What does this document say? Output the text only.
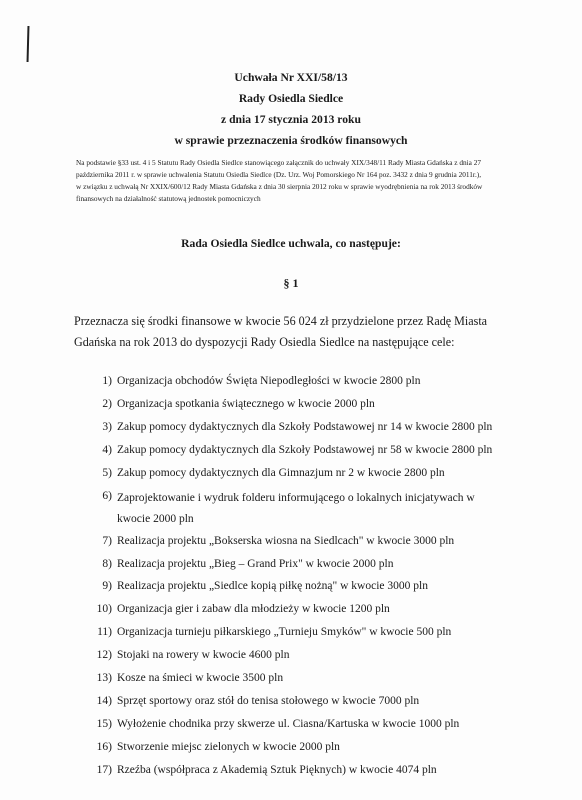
Uchwała Nr XXI/58/13
Rady Osiedla Siedlce
z dnia 17 stycznia 2013 roku
w sprawie przeznaczenia środków finansowych
Na podstawie §33 ust. 4 i 5 Statutu Rady Osiedla Siedlce stanowiącego załącznik do uchwały XIX/348/11 Rady Miasta Gdańska z dnia 27
października 2011 r. w sprawie uchwalenia Statutu Osiedla Siedlce (Dz. Urz. Woj Pomorskiego Nr 164 poz. 3432 z dnia 9 grudnia 2011r.),
w związku z uchwałą Nr XXIX/600/12 Rady Miasta Gdańska z dnia 30 sierpnia 2012 roku w sprawie wyodrębnienia na rok 2013 środków
finansowych na działalność statutową jednostek pomocniczych
Rada Osiedla Siedlce uchwala, co następuje:
§ 1
Przeznacza się środki finansowe w kwocie 56 024 zł przydzielone przez Radę Miasta
Gdańska na rok 2013 do dyspozycji Rady Osiedla Siedlce na następujące cele:
1) Organizacja obchodów Święta Niepodległości w kwocie 2800 pln
2) Organizacja spotkania świątecznego w kwocie 2000 pln
3) Zakup pomocy dydaktycznych dla Szkoły Podstawowej nr 14 w kwocie 2800 pln
4) Zakup pomocy dydaktycznych dla Szkoły Podstawowej nr 58 w kwocie 2800 pln
5) Zakup pomocy dydaktycznych dla Gimnazjum nr 2 w kwocie 2800 pln
6) Zaprojektowanie i wydruk folderu informującego o lokalnych inicjatywach w kwocie 2000 pln
7) Realizacja projektu „Bokserska wiosna na Siedlcach" w kwocie 3000 pln
8) Realizacja projektu „Bieg – Grand Prix" w kwocie 2000 pln
9) Realizacja projektu „Siedlce kopią piłkę nożną" w kwocie 3000 pln
10) Organizacja gier i zabaw dla młodzieży w kwocie 1200 pln
11) Organizacja turnieju piłkarskiego „Turnieju Smyków" w kwocie 500 pln
12) Stojaki na rowery w kwocie 4600 pln
13) Kosze na śmieci w kwocie 3500 pln
14) Sprzęt sportowy oraz stół do tenisa stołowego w kwocie 7000 pln
15) Wyłożenie chodnika przy skwerze ul. Ciasna/Kartuska w kwocie 1000 pln
16) Stworzenie miejsc zielonych w kwocie 2000 pln
17) Rzeźba (współpraca z Akademią Sztuk Pięknych) w kwocie 4074 pln
